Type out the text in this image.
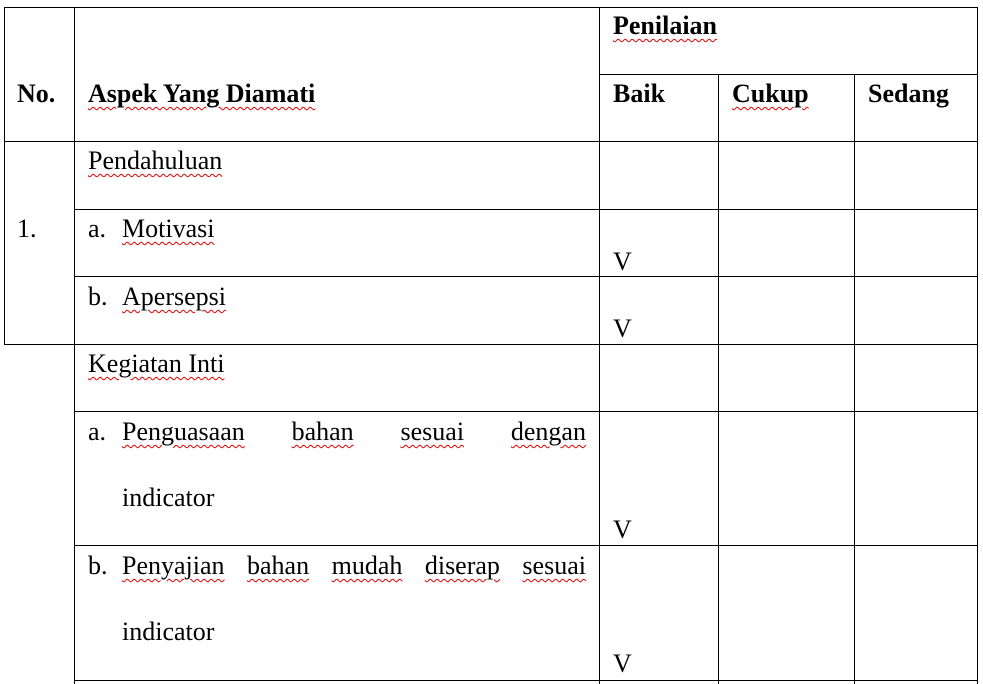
No. Aspek Yang Diamati
Penilaian
Baik	Cukup Sedang
1.
Pendahuluan
a. Motivasi
V
b. Apersepsi
V
Kegiatan Inti
a. Penguasaan bahan sesuai dengan
indicator
V
b. Penyajian bahan mudah diserap sesuai
indicator
V
